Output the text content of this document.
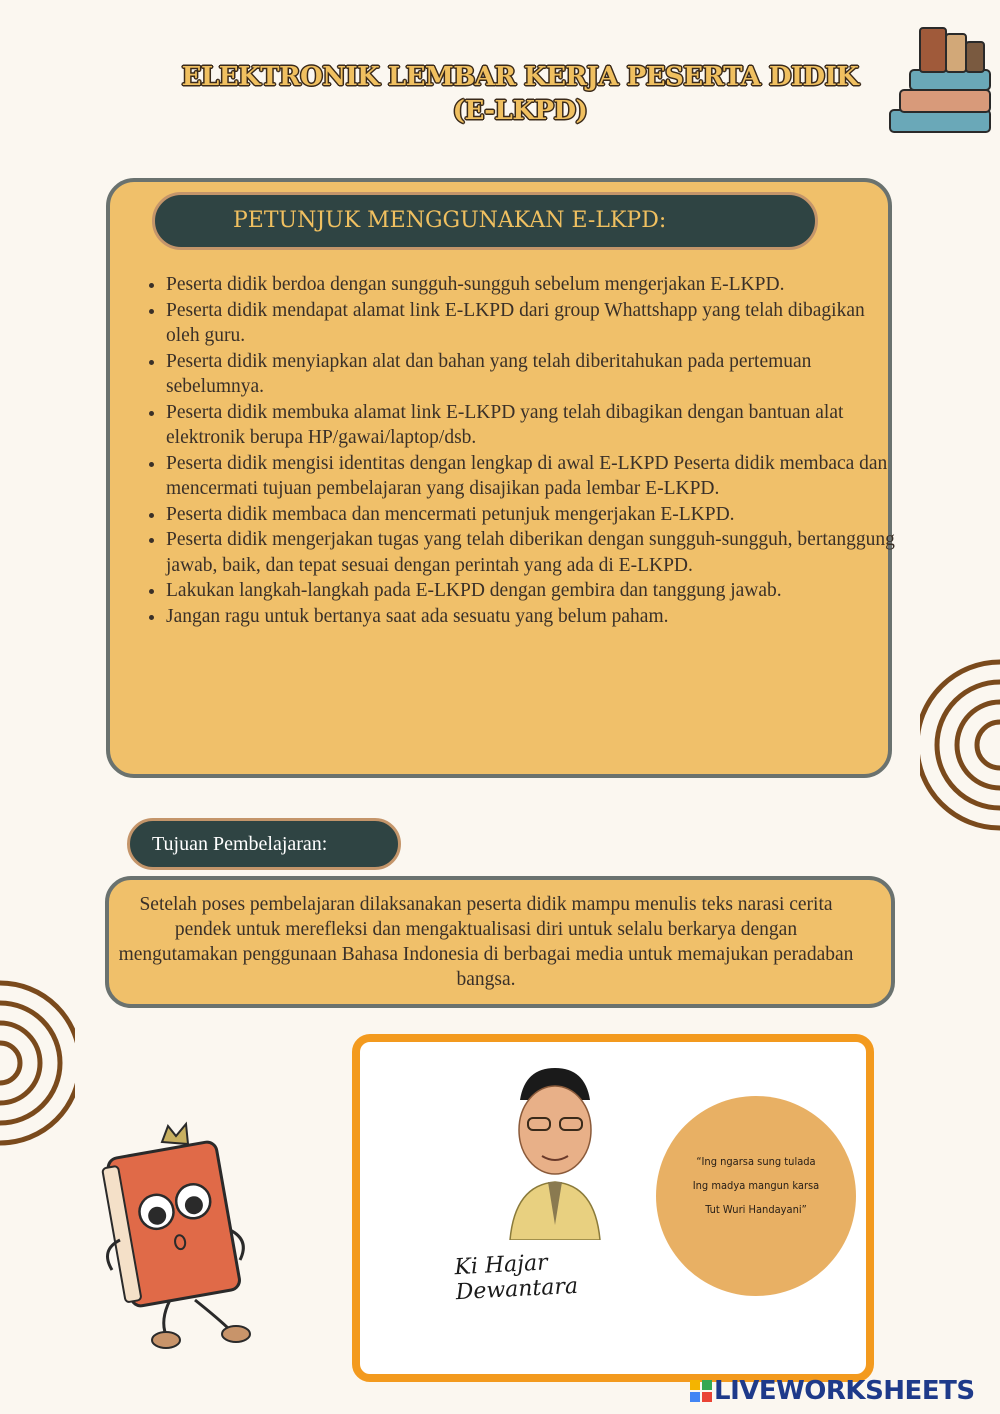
ELEKTRONIK LEMBAR KERJA PESERTA DIDIK
(E-LKPD)
PETUNJUK MENGGUNAKAN E-LKPD:
• Peserta didik berdoa dengan sungguh-sungguh sebelum mengerjakan E-LKPD.
• Peserta didik mendapat alamat link E-LKPD dari group Whattshapp yang telah dibagikan oleh guru.
• Peserta didik menyiapkan alat dan bahan yang telah diberitahukan pada pertemuan sebelumnya.
• Peserta didik membuka alamat link E-LKPD yang telah dibagikan dengan bantuan alat elektronik berupa HP/gawai/laptop/dsb.
• Peserta didik mengisi identitas dengan lengkap di awal E-LKPD Peserta didik membaca dan mencermati tujuan pembelajaran yang disajikan pada lembar E-LKPD.
• Peserta didik membaca dan mencermati petunjuk mengerjakan E-LKPD.
• Peserta didik mengerjakan tugas yang telah diberikan dengan sungguh-sungguh, bertanggung jawab, baik, dan tepat sesuai dengan perintah yang ada di E-LKPD.
• Lakukan langkah-langkah pada E-LKPD dengan gembira dan tanggung jawab.
• Jangan ragu untuk bertanya saat ada sesuatu yang belum paham.
Tujuan Pembelajaran:
Setelah poses pembelajaran dilaksanakan peserta didik mampu menulis teks narasi cerita pendek untuk merefleksi dan mengaktualisasi diri untuk selalu berkarya dengan mengutamakan penggunaan Bahasa Indonesia di berbagai media untuk memajukan peradaban bangsa.
Ki Hajar Dewantara
“Ing ngarsa sung tulada
Ing madya mangun karsa
Tut Wuri Handayani”
LIVEWORKSHEETS
